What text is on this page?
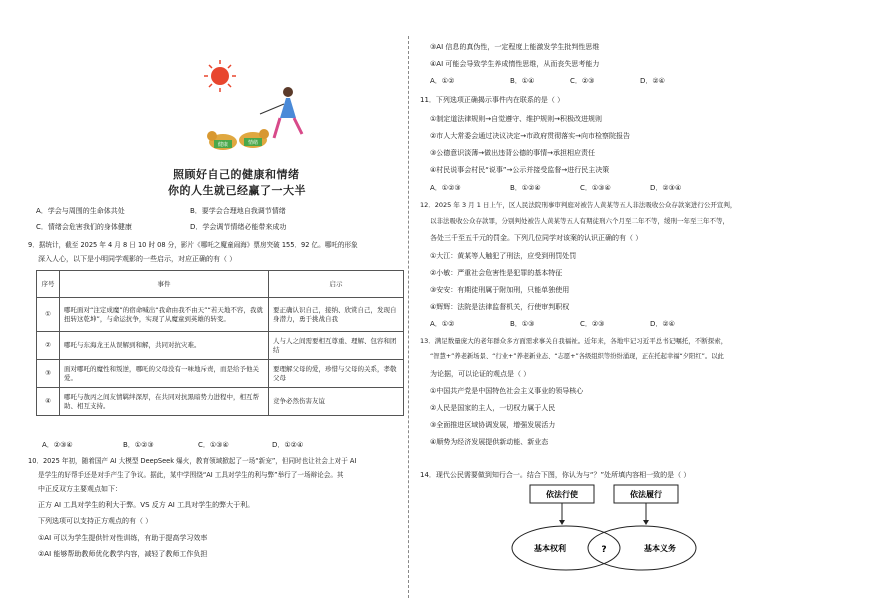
健康	情绪
照顾好自己的健康和情绪
你的人生就已经赢了一大半
A．学会与周围的生命体共处	B．要学会合理地自我调节情绪
C．情绪会危害我们的身体健康	D．学会调节情绪必能带来成功
9．据统计，截至 2025 年 4 月 8 日 10 时 08 分，影片《哪吒之魔童闹海》票房突破 155．92 亿。哪吒的形象
深入人心，以下是小明同学观影的一些启示，对应正确的有（ ）
序号	事件	启示
①	哪吒面对“注定成魔”的宿命喊出“我命由我不由天”“若天地不容，我就扭转这乾坤”，与命运抗争，实现了从魔童到英雄的转变。	要正确认识自己，接纳、欣赏自己，发现自身潜力，勇于挑战自我
②	哪吒与东海龙王从误解到和解，共同对抗灾难。	人与人之间需要相互尊重、理解、包容和团结
③	面对哪吒的魔性和叛逆，哪吒的父母没有一味地斥责，而是给予他关爱。	要理解父母的爱，珍惜与父母的关系，孝敬父母
④	哪吒与敖丙之间友情羁绊深厚，在共同对抗黑暗势力进程中，相互帮助、相互支持。	竞争必然伤害友谊
A．②③④	B．①②③	C．①③④	D．①②④
10．2025 年初，随着国产 AI 大模型 DeepSeek 爆火，教育领域掀起了一场“新宠”，但同时也让社会上对于 AI
是学生的好帮手还是对手产生了争议。据此，某中学围绕“AI 工具对学生的利与弊”举行了一场辩论会。其
中正反双方主要观点如下：
正方 AI 工具对学生的利大于弊。VS 反方 AI 工具对学生的弊大于利。
下列选项可以支持正方观点的有（ ）
①AI 可以为学生提供针对性训练，有助于提高学习效率
②AI 能够帮助教师优化教学内容，减轻了教师工作负担
③AI 信息的真伪性，一定程度上能激发学生批判性思维
④AI 可能会导致学生养成惰性思维，从而丧失思考能力
A．①②	B．①④	C．②③	D．②④
11．下列选项正确揭示事件内在联系的是（ ）
①制定道法律规则→自觉遵守、维护规则→积极改进规则
②市人大常委会通过决议决定→市政府贯彻落实→向市检察院报告
③公德意识淡薄→做出违背公德的事情→承担相应责任
④村民说事会村民“说事”→公示并接受监督→进行民主决策
A．①②③	B．①②④	C．①③④	D．②③④
12．2025 年 3 月 1 日上午，区人民法院刑事审判庭对被告人黄某等五人非法吸收公众存款案进行公开宣判，
以非法吸收公众存款罪，分别判处被告人黄某等五人有期徒刑六个月至二年不等，缓刑一年至三年不等，
各处三千至五千元的罚金。下列几位同学对该案的认识正确的有（ ）
①大江：黄某等人触犯了刑法，应受到刑罚处罚
②小敏：严重社会危害性是犯罪的基本特征
③安安：有期徒刑属于附加刑，只能单独使用
④辉辉：法院是法律监督机关，行使审判职权
A．①②	B．①③	C．②③	D．②④
13．满足数量庞大的老年群众多方面需求事关自我福祉。近年来，各地牢记习近平总书记嘱托，不断探索，
“智慧+”养老新场景、“行业+”养老新业态、“志愿+”各级组织等纷纷涌现，正在托起幸福“夕阳红”。以此
为论据，可以论证的观点是（ ）
①中国共产党是中国特色社会主义事业的领导核心
②人民是国家的主人，一切权力属于人民
③全面推进区域协调发展，增强发展活力
④顺势为经济发展提供新动能、新业态
14．现代公民需要做到知行合一。结合下图，你认为与“？”处所填内容相一致的是（ ）
依法行使	依法履行
基本权利	基本义务
?
